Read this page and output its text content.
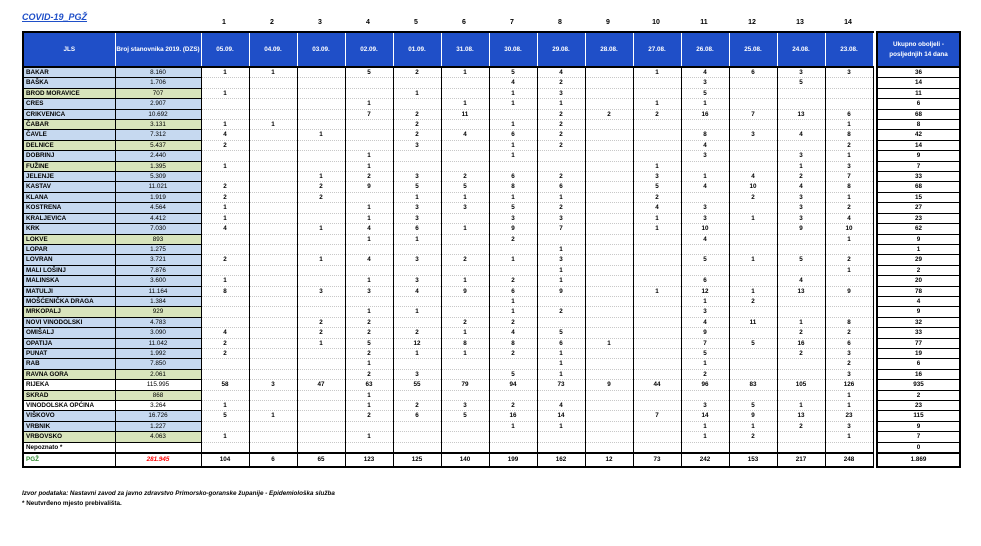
COVID-19_PGŽ
1	2	3	4	5	6	7	8	9	10	11	12	13	14
JLS	Broj stanovnika 2019. (DZS)	05.09.	04.09.	03.09.	02.09.	01.09.	31.08.	30.08.	29.08.	28.08.	27.08.	26.08.	25.08.	24.08.	23.08.		Ukupno oboljeli - posljednjih 14 dana
BAKAR	8.160	1	1		5	2	1	5	4		1	4	6	3	3		36
BAŠKA	1.706							4	2			3		5			14
BROD MORAVICE	707	1				1		1	3			5					11
CRES	2.907				1		1	1	1		1	1					6
CRIKVENICA	10.692				7	2	11		2	2	2	16	7	13	6		68
ČABAR	3.131	1	1			2		1	2						1		8
ČAVLE	7.312	4		1		2	4	6	2			8	3	4	8		42
DELNICE	5.437	2				3		1	2			4			2		14
DOBRINJ	2.440				1			1				3		3	1		9
FUŽINE	1.395	1			1						1			1	3		7
JELENJE	5.309			1	2	3	2	6	2		3	1	4	2	7		33
KASTAV	11.021	2		2	9	5	5	8	6		5	4	10	4	8		68
KLANA	1.919	2		2		1	1	1	1		2		2	3	1		15
KOSTRENA	4.564	1			1	3	3	5	2		4	3		3	2		27
KRALJEVICA	4.412	1			1	3		3	3		1	3	1	3	4		23
KRK	7.030	4		1	4	6	1	9	7		1	10		9	10		62
LOKVE	893				1	1		2				4			1		9
LOPAR	1.275								1								1
LOVRAN	3.721	2		1	4	3	2	1	3			5	1	5	2		29
MALI LOŠINJ	7.876								1						1		2
MALINSKA	3.600	1			1	3	1	2	1			6		4			20
MATULJI	11.164	8		3	3	4	9	6	9		1	12	1	13	9		78
MOŠĆENIČKA DRAGA	1.384							1				1	2				4
MRKOPALJ	929				1	1		1	2			3					9
NOVI VINODOLSKI	4.783			2	2		2	2				4	11	1	8		32
OMIŠALJ	3.090	4		2	2	2	1	4	5			9		2	2		33
OPATIJA	11.042	2		1	5	12	8	8	6	1		7	5	16	6		77
PUNAT	1.992	2			2	1	1	2	1			5		2	3		19
RAB	7.850				1				1			1			2		6
RAVNA GORA	2.061				2	3		5	1			2			3		16
RIJEKA	115.995	58	3	47	63	55	79	94	73	9	44	96	83	105	126		935
SKRAD	868				1										1		2
VINODOLSKA OPĆINA	3.264	1			1	2	3	2	4			3	5	1	1		23
VIŠKOVO	16.726	5	1		2	6	5	16	14		7	14	9	13	23		115
VRBNIK	1.227							1	1			1	1	2	3		9
VRBOVSKO	4.063	1			1							1	2		1		7
Nepoznato *																	0
PGŽ	281.945	104	6	65	123	125	140	199	162	12	73	242	153	217	248		1.869
Izvor podataka: Nastavni zavod za javno zdravstvo Primorsko-goranske županije - Epidemiološka služba
* Neutvrđeno mjesto prebivališta.
